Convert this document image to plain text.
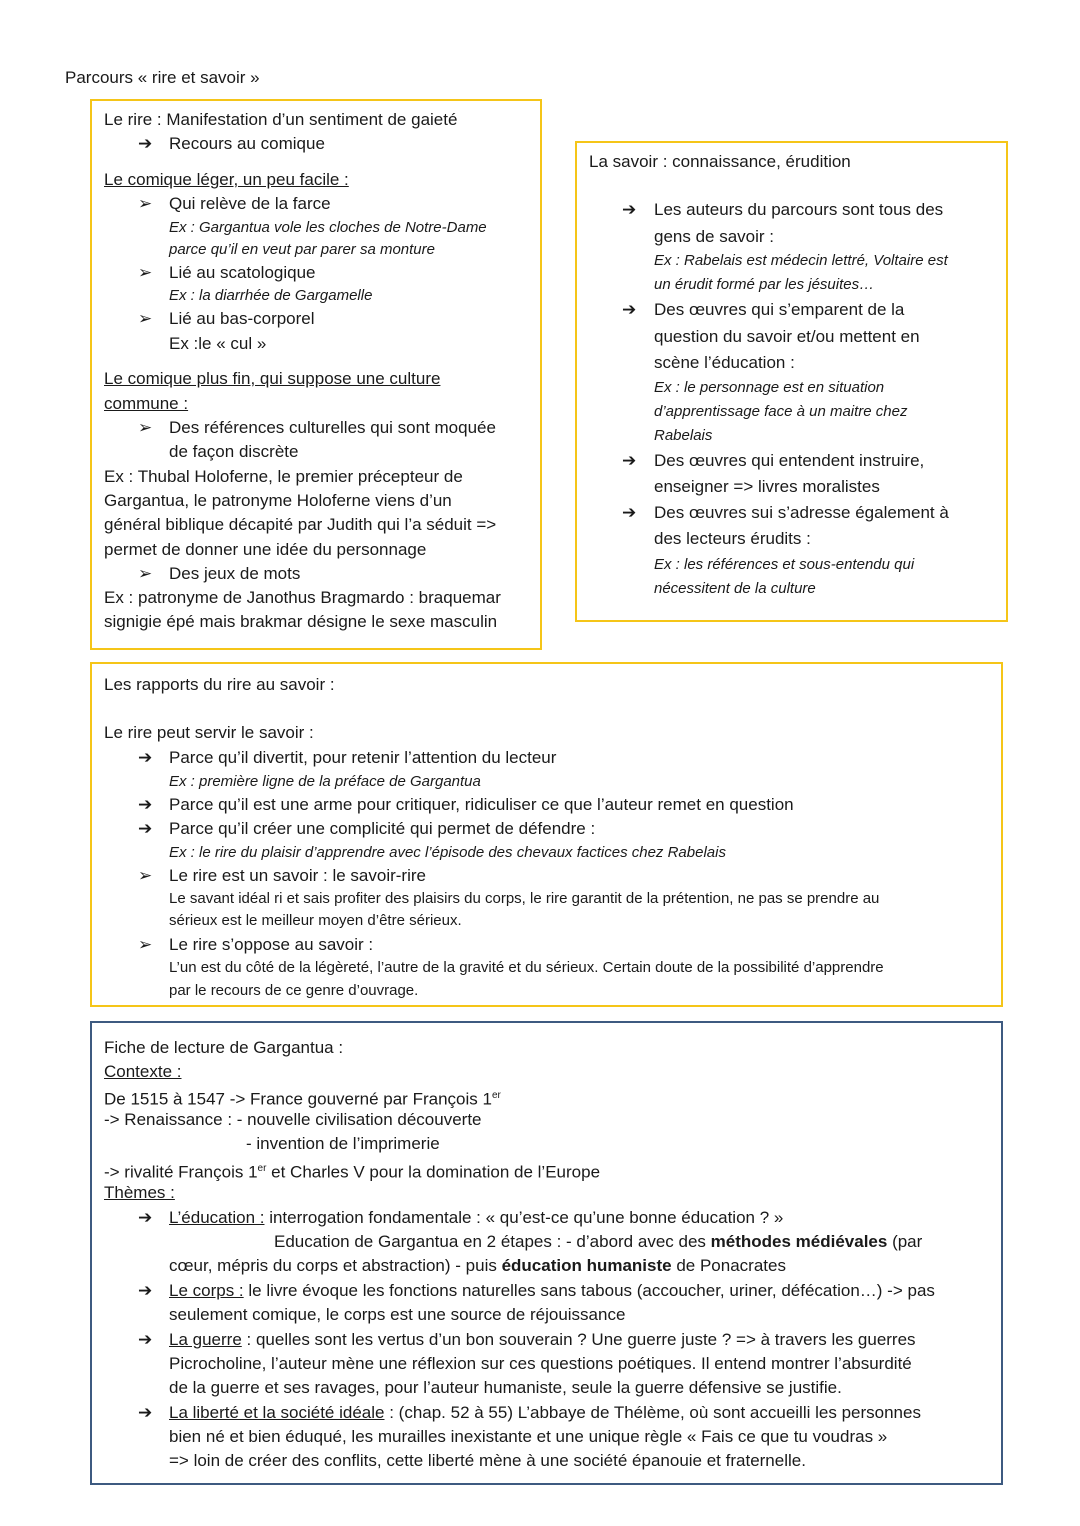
Parcours « rire et savoir »
Le rire : Manifestation d’un sentiment de gaieté
➔ Recours au comique
Le comique léger, un peu facile :
➢ Qui relève de la farce
Ex : Gargantua vole les cloches de Notre-Dame
parce qu’il en veut par parer sa monture
➢ Lié au scatologique
Ex : la diarrhée de Gargamelle
➢ Lié au bas-corporel
Ex :le « cul »
Le comique plus fin, qui suppose une culture
commune :
➢ Des références culturelles qui sont moquée
de façon discrète
Ex : Thubal Holoferne, le premier précepteur de
Gargantua, le patronyme Holoferne viens d’un
général biblique décapité par Judith qui l’a séduit =>
permet de donner une idée du personnage
➢ Des jeux de mots
Ex : patronyme de Janothus Bragmardo : braquemar
signigie épé mais brakmar désigne le sexe masculin
La savoir : connaissance, érudition
➔ Les auteurs du parcours sont tous des
gens de savoir :
Ex : Rabelais est médecin lettré, Voltaire est
un érudit formé par les jésuites…
➔ Des œuvres qui s’emparent de la
question du savoir et/ou mettent en
scène l’éducation :
Ex : le personnage est en situation
d’apprentissage face à un maitre chez
Rabelais
➔ Des œuvres qui entendent instruire,
enseigner => livres moralistes
➔ Des œuvres sui s’adresse également à
des lecteurs érudits :
Ex : les références et sous-entendu qui
nécessitent de la culture
Les rapports du rire au savoir :
Le rire peut servir le savoir :
➔ Parce qu’il divertit, pour retenir l’attention du lecteur
Ex : première ligne de la préface de Gargantua
➔ Parce qu’il est une arme pour critiquer, ridiculiser ce que l’auteur remet en question
➔ Parce qu’il créer une complicité qui permet de défendre :
Ex : le rire du plaisir d’apprendre avec l’épisode des chevaux factices chez Rabelais
➢ Le rire est un savoir : le savoir-rire
Le savant idéal ri et sais profiter des plaisirs du corps, le rire garantit de la prétention, ne pas se prendre au
sérieux est le meilleur moyen d’être sérieux.
➢ Le rire s’oppose au savoir :
L’un est du côté de la légèreté, l’autre de la gravité et du sérieux. Certain doute de la possibilité d’apprendre
par le recours de ce genre d’ouvrage.
Fiche de lecture de Gargantua :
Contexte :
De 1515 à 1547 -> France gouverné par François 1er
-> Renaissance : - nouvelle civilisation découverte
- invention de l’imprimerie
-> rivalité François 1er et Charles V pour la domination de l’Europe
Thèmes :
➔ L’éducation : interrogation fondamentale : « qu’est-ce qu’une bonne éducation ? »
Education de Gargantua en 2 étapes : - d’abord avec des méthodes médiévales (par
cœur, mépris du corps et abstraction) - puis éducation humaniste de Ponacrates
➔ Le corps : le livre évoque les fonctions naturelles sans tabous (accoucher, uriner, défécation…) -> pas
seulement comique, le corps est une source de réjouissance
➔ La guerre : quelles sont les vertus d’un bon souverain ? Une guerre juste ? => à travers les guerres
Picrocholine, l’auteur mène une réflexion sur ces questions poétiques. Il entend montrer l’absurdité
de la guerre et ses ravages, pour l’auteur humaniste, seule la guerre défensive se justifie.
➔ La liberté et la société idéale : (chap. 52 à 55) L’abbaye de Thélème, où sont accueilli les personnes
bien né et bien éduqué, les murailles inexistante et une unique règle « Fais ce que tu voudras »
=> loin de créer des conflits, cette liberté mène à une société épanouie et fraternelle.
